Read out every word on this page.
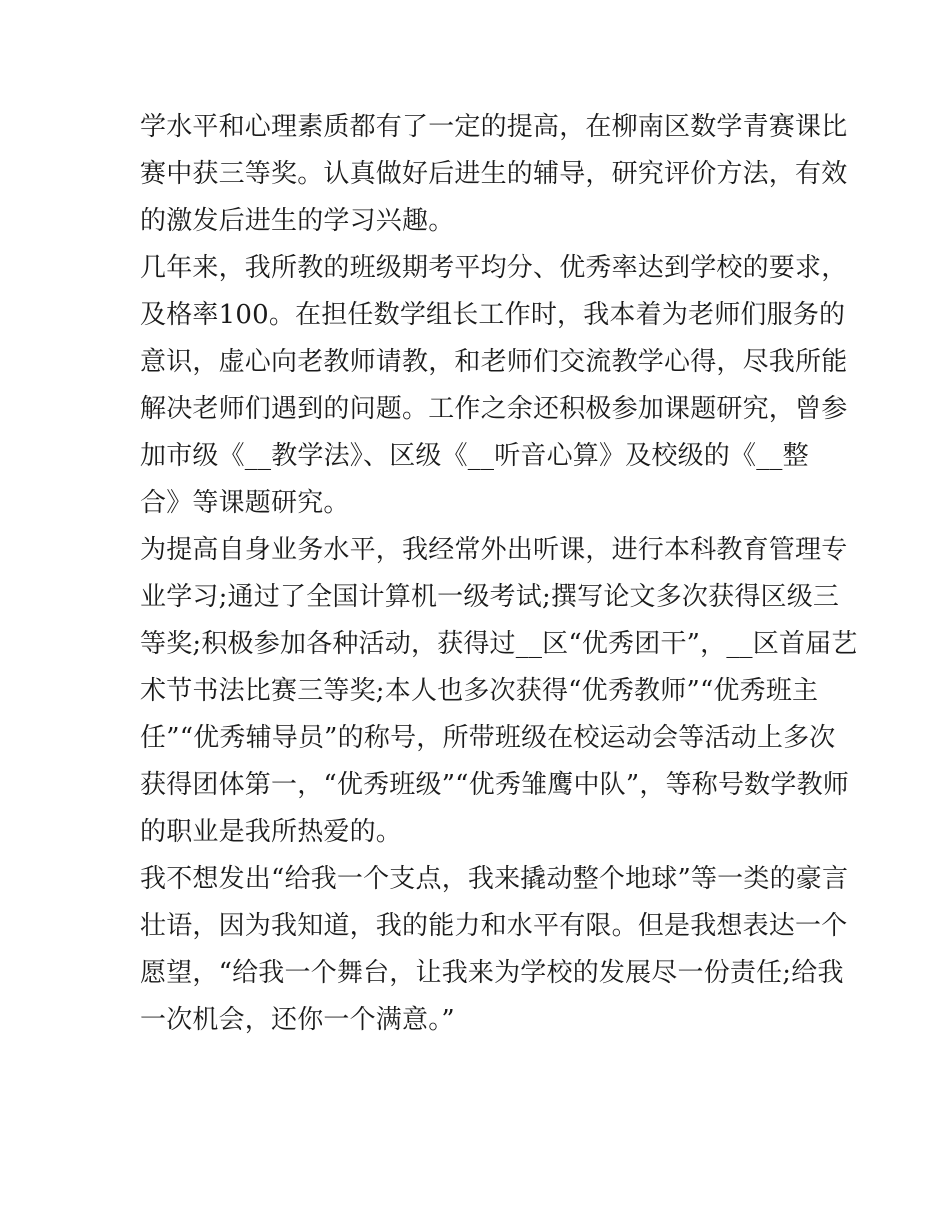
学水平和心理素质都有了一定的提高，在柳南区数学青赛课比
赛中获三等奖。认真做好后进生的辅导，研究评价方法，有效
的激发后进生的学习兴趣。
几年来，我所教的班级期考平均分、优秀率达到学校的要求，
及格率100。在担任数学组长工作时，我本着为老师们服务的
意识，虚心向老教师请教，和老师们交流教学心得，尽我所能
解决老师们遇到的问题。工作之余还积极参加课题研究，曾参
加市级《__教学法》、区级《__听音心算》及校级的《__整
合》等课题研究。
为提高自身业务水平，我经常外出听课，进行本科教育管理专
业学习;通过了全国计算机一级考试;撰写论文多次获得区级三
等奖;积极参加各种活动，获得过__区“优秀团干”，__区首届艺
术节书法比赛三等奖;本人也多次获得“优秀教师”“优秀班主
任”“优秀辅导员”的称号，所带班级在校运动会等活动上多次
获得团体第一，“优秀班级”“优秀雏鹰中队”，等称号数学教师
的职业是我所热爱的。
我不想发出“给我一个支点，我来撬动整个地球”等一类的豪言
壮语，因为我知道，我的能力和水平有限。但是我想表达一个
愿望，“给我一个舞台，让我来为学校的发展尽一份责任;给我
一次机会，还你一个满意。”
